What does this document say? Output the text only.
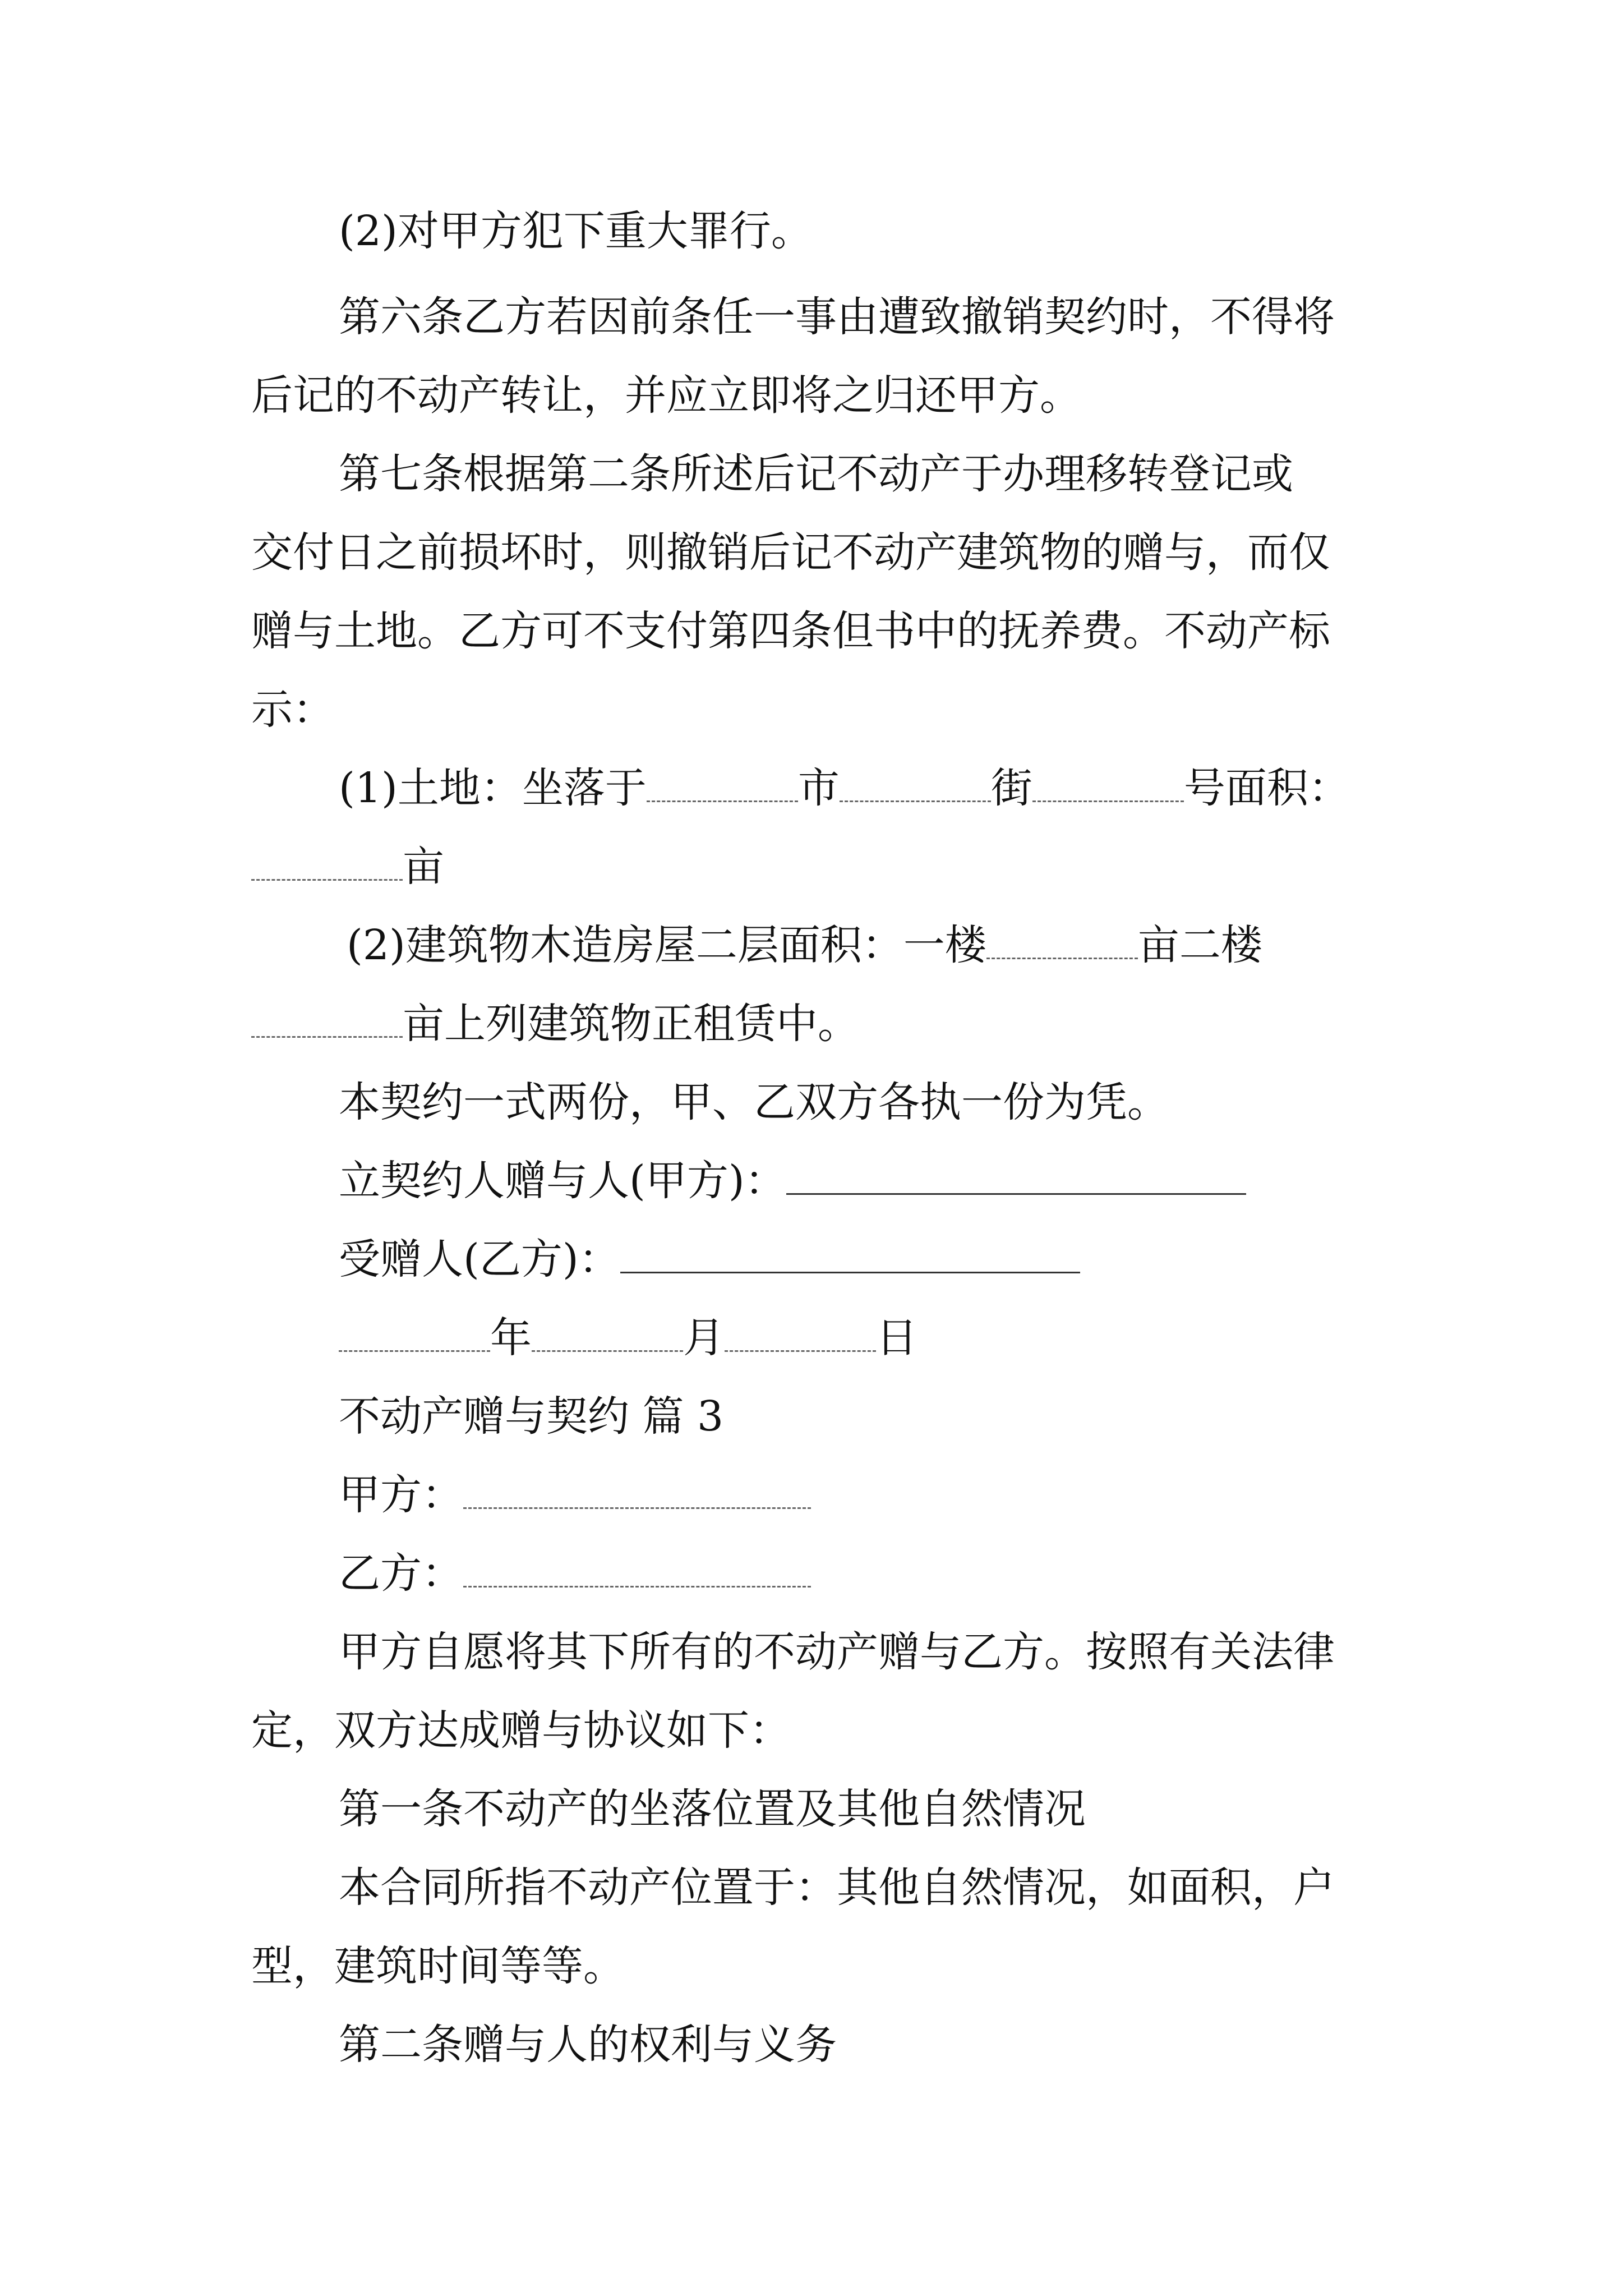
(2)对甲方犯下重大罪行。
第六条乙方若因前条任一事由遭致撤销契约时，不得将
后记的不动产转让，并应立即将之归还甲方。
第七条根据第二条所述后记不动产于办理移转登记或
交付日之前损坏时，则撤销后记不动产建筑物的赠与，而仅
赠与土地。乙方可不支付第四条但书中的抚养费。不动产标
示：
(1)土地：坐落于	市	街	号面积：
亩
(2)建筑物木造房屋二层面积：一楼	亩二楼
亩上列建筑物正租赁中。
本契约一式两份，甲、乙双方各执一份为凭。
立契约人赠与人(甲方)：
受赠人(乙方)：
年	月	日
不动产赠与契约 篇 3
甲方：
乙方：
甲方自愿将其下所有的不动产赠与乙方。按照有关法律
定，双方达成赠与协议如下：
第一条不动产的坐落位置及其他自然情况
本合同所指不动产位置于：其他自然情况，如面积，户
型，建筑时间等等。
第二条赠与人的权利与义务
